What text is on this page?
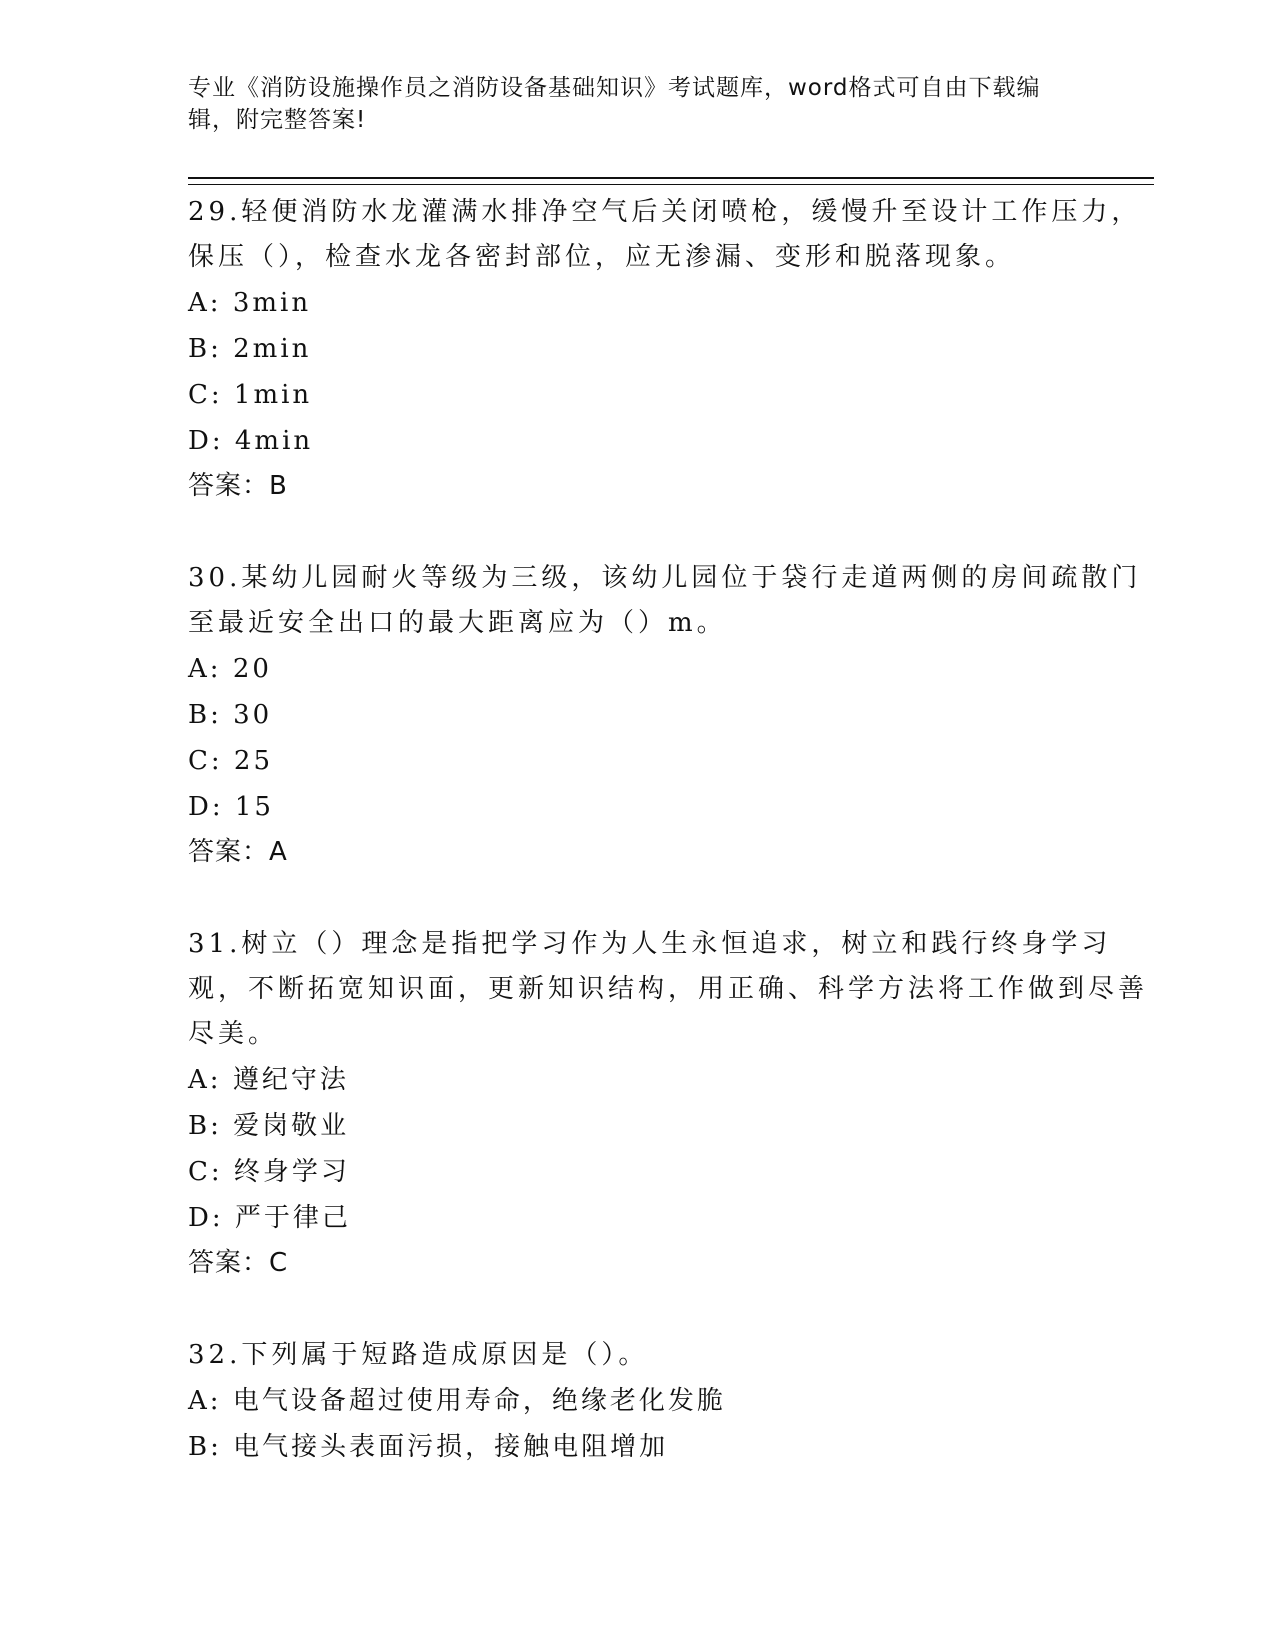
专业《消防设施操作员之消防设备基础知识》考试题库，word格式可自由下载编辑，附完整答案!
29.轻便消防水龙灌满水排净空气后关闭喷枪，缓慢升至设计工作压力，保压（），检查水龙各密封部位，应无渗漏、变形和脱落现象。
A: 3min
B: 2min
C: 1min
D: 4min
答案：B
30.某幼儿园耐火等级为三级，该幼儿园位于袋行走道两侧的房间疏散门至最近安全出口的最大距离应为（）m。
A: 20
B: 30
C: 25
D: 15
答案：A
31.树立（）理念是指把学习作为人生永恒追求，树立和践行终身学习观，不断拓宽知识面，更新知识结构，用正确、科学方法将工作做到尽善尽美。
A: 遵纪守法
B: 爱岗敬业
C: 终身学习
D: 严于律己
答案：C
32.下列属于短路造成原因是（）。
A: 电气设备超过使用寿命，绝缘老化发脆
B: 电气接头表面污损，接触电阻增加
